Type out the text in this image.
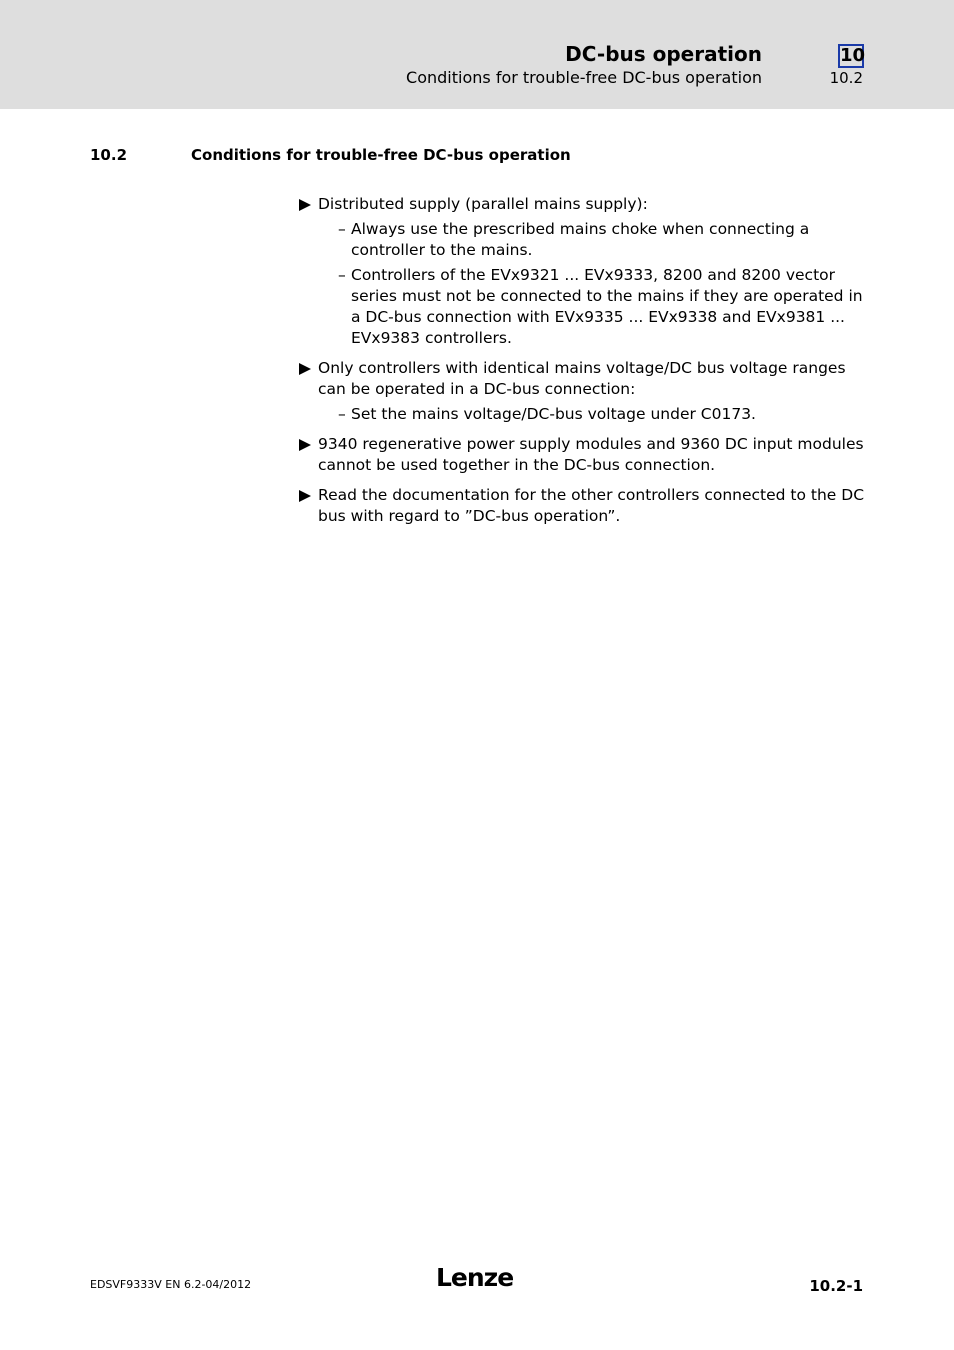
DC-bus operation
Conditions for trouble-free DC-bus operation
10
10.2
10.2	Conditions for trouble-free DC-bus operation
Distributed supply (parallel mains supply):
– Always use the prescribed mains choke when connecting a controller to the mains.
– Controllers of the EVx9321 ... EVx9333, 8200 and 8200 vector series must not be connected to the mains if they are operated in a DC-bus connection with EVx9335 ... EVx9338 and EVx9381 ... EVx9383 controllers.
Only controllers with identical mains voltage/DC bus voltage ranges can be operated in a DC-bus connection:
– Set the mains voltage/DC-bus voltage under C0173.
9340 regenerative power supply modules and 9360 DC input modules cannot be used together in the DC-bus connection.
Read the documentation for the other controllers connected to the DC bus with regard to ”DC-bus operation”.
EDSVF9333V EN 6.2-04/2012	Lenze	10.2-1
